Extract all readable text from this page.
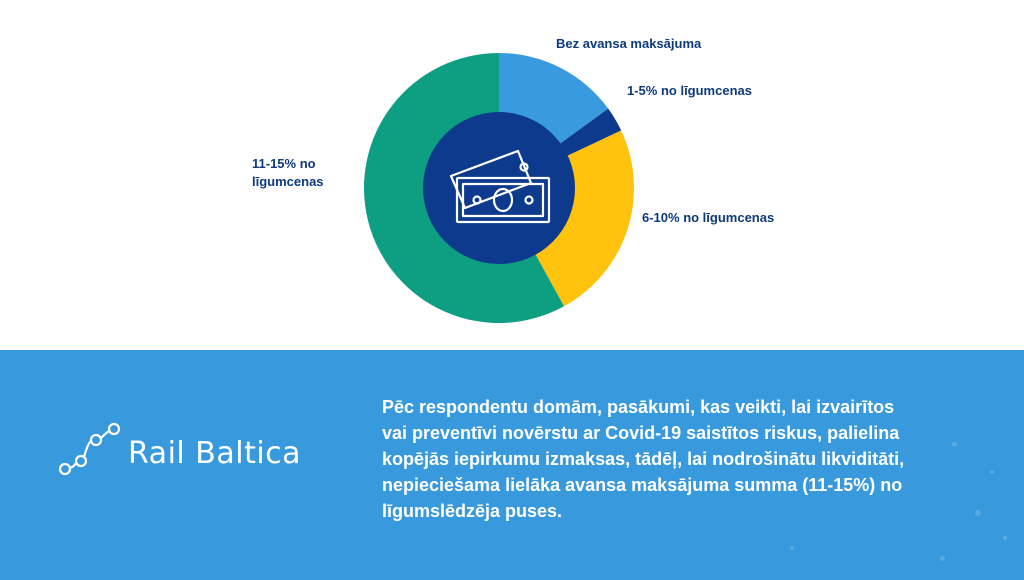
Bez avansa maksājuma
1-5% no līgumcenas
6-10% no līgumcenas
11-15% no
līgumcenas
Rail Baltica
Pēc respondentu domām, pasākumi, kas veikti, lai izvairītos vai preventīvi novērstu ar Covid-19 saistītos riskus, palielina kopējās iepirkumu izmaksas, tādēļ, lai nodrošinātu likviditāti, nepieciešama lielāka avansa maksājuma summa (11-15%) no līgumslēdzēja puses.
